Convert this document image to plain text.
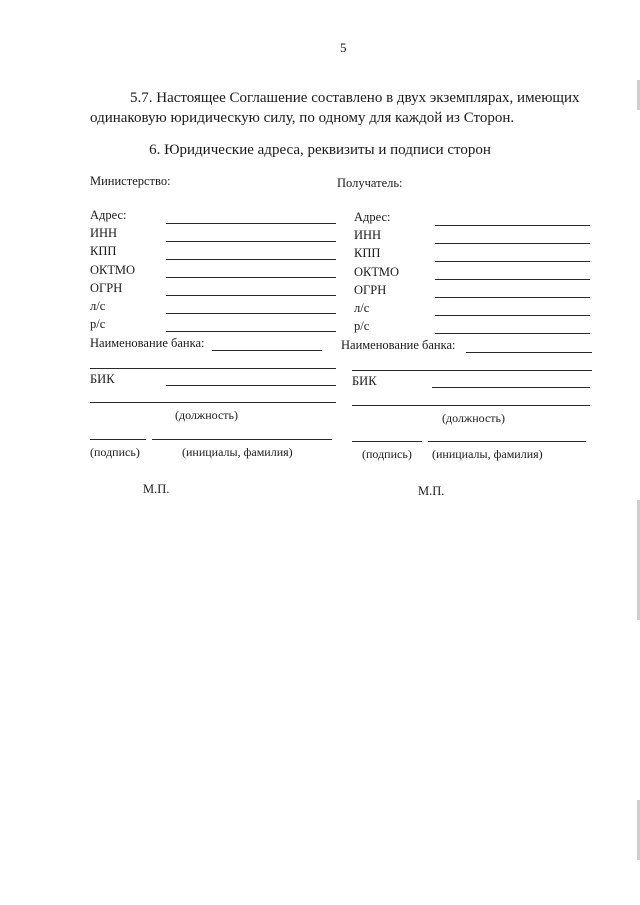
5
5.7. Настоящее Соглашение составлено в двух экземплярах, имеющих
одинаковую юридическую силу, по одному для каждой из Сторон.
6. Юридические адреса, реквизиты и подписи сторон
Министерство:
Адрес:
ИНН
КПП
ОКТМО
ОГРН
л/с
р/с
Наименование банка:
БИК
(должность)
(подпись)	(инициалы, фамилия)
М.П.
Получатель:
Адрес:
ИНН
КПП
ОКТМО
ОГРН
л/с
р/с
Наименование банка:
БИК
(должность)
(подпись) (инициалы, фамилия)
М.П.
